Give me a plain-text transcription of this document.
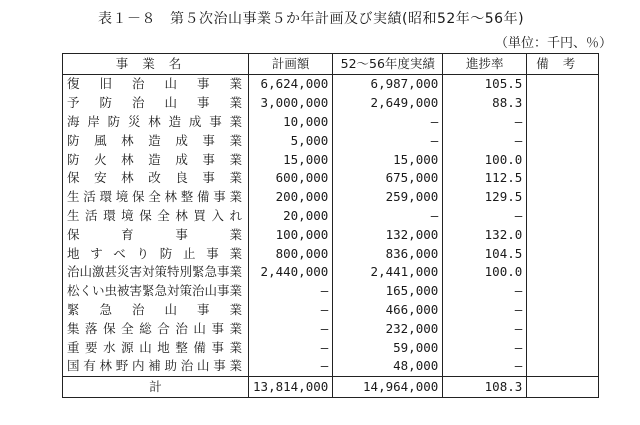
表１－８ 第５次治山事業５か年計画及び実績(昭和52年～56年)
（単位：千円、％）
事業名	計画額	52～56年度実績	進捗率	備考
復旧治山事業	6,624,000	6,987,000	105.5	
予防治山事業	3,000,000	2,649,000	88.3	
海岸防災林造成事業	10,000	—	—	
防風林造成事業	5,000	—	—	
防火林造成事業	15,000	15,000	100.0	
保安林改良事業	600,000	675,000	112.5	
生活環境保全林整備事業	200,000	259,000	129.5	
生活環境保全林買入れ	20,000	—	—	
保育事業	100,000	132,000	132.0	
地すべり防止事業	800,000	836,000	104.5	
治山激甚災害対策特別緊急事業	2,440,000	2,441,000	100.0	
松くい虫被害緊急対策治山事業	—	165,000	—	
緊急治山事業	—	466,000	—	
集落保全総合治山事業	—	232,000	—	
重要水源山地整備事業	—	59,000	—	
国有林野内補助治山事業	—	48,000	—	
計	13,814,000	14,964,000	108.3	
